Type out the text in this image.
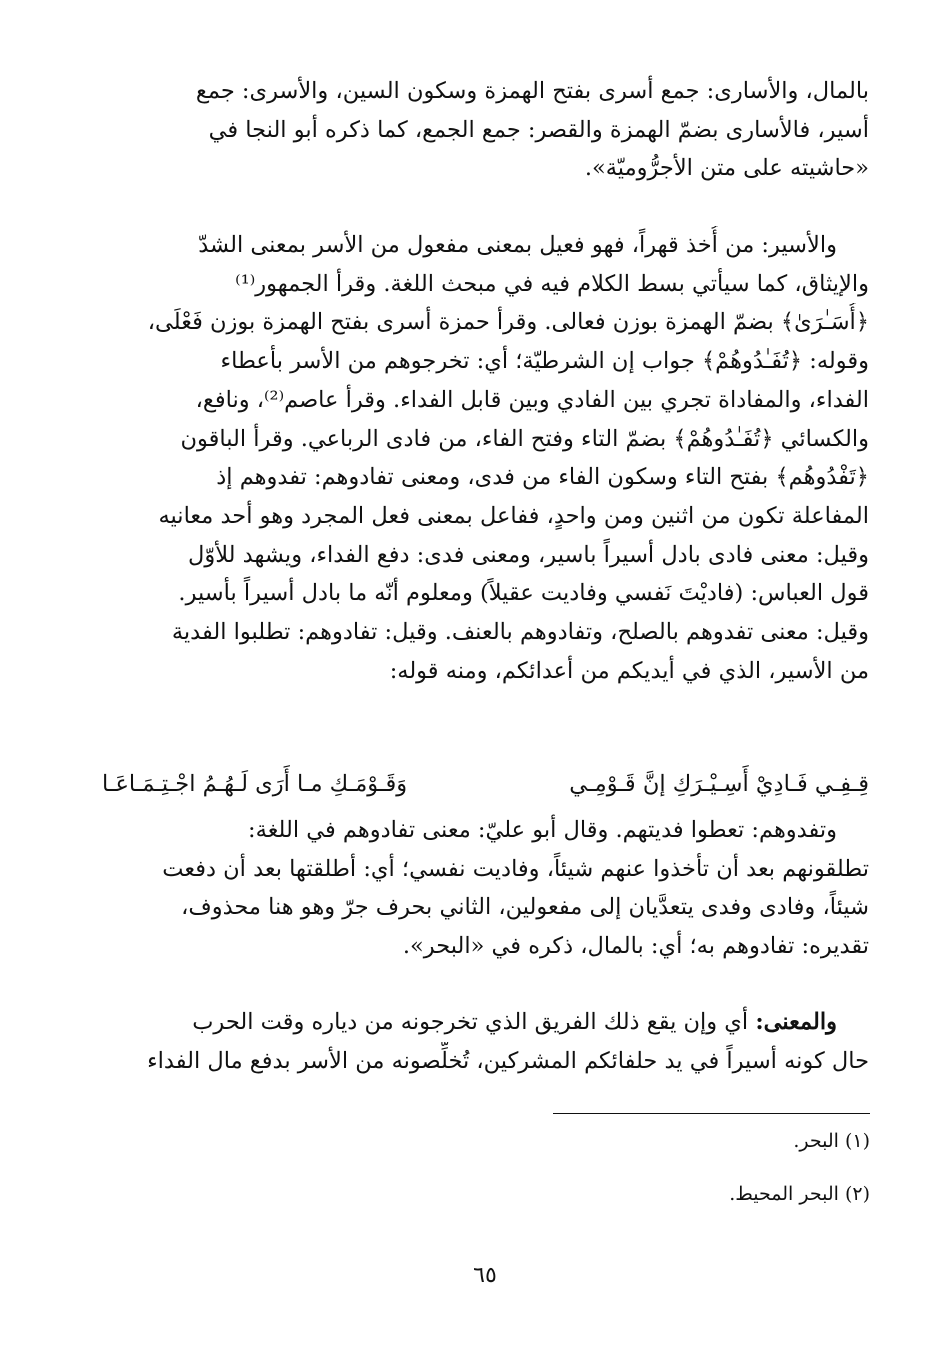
بالمال، والأسارى: جمع أسرى بفتح الهمزة وسكون السين، والأسرى: جمع
أسير، فالأسارى بضمّ الهمزة والقصر: جمع الجمع، كما ذكره أبو النجا في
«حاشيته على متن الأجرُّوميّة».
والأسير: من أُخذ قهراً، فهو فعيل بمعنى مفعول من الأسر بمعنى الشدّ
والإيثاق، كما سيأتي بسط الكلام فيه في مبحث اللغة. وقرأ الجمهور⁽¹⁾
﴿أُسَـٰرَىٰ﴾ بضمّ الهمزة بوزن فعالى. وقرأ حمزة أسرى بفتح الهمزة بوزن فَعْلَى،
وقوله: ﴿تُفَـٰدُوهُمْ﴾ جواب إن الشرطيّة؛ أي: تخرجوهم من الأسر بأعطاء
الفداء، والمفاداة تجري بين الفادي وبين قابل الفداء. وقرأ عاصم⁽²⁾، ونافع،
والكسائي ﴿تُفَـٰدُوهُمْ﴾ بضمّ التاء وفتح الفاء، من فادى الرباعي. وقرأ الباقون
﴿تَفْدُوهُم﴾ بفتح التاء وسكون الفاء من فدى، ومعنى تفادوهم: تفدوهم إذ
المفاعلة تكون من اثنين ومن واحدٍ، ففاعل بمعنى فعل المجرد وهو أحد معانيه
وقيل: معنى فادى بادل أسيراً باسير، ومعنى فدى: دفع الفداء، ويشهد للأوّل
قول العباس: (فاديْتَ نَفسي وفاديت عقيلاً) ومعلوم أنّه ما بادل أسيراً بأسير.
وقيل: معنى تفدوهم بالصلح، وتفادوهم بالعنف. وقيل: تفادوهم: تطلبوا الفدية
من الأسير، الذي في أيديكم من أعدائكم، ومنه قوله:
قِـفِـي فَـادِيْ أَسِـيْـرَكِ إنَّ قَـوْمِـي
وَقَـوْمَـكِ مـا أَرَى لَـهُـمُ اجْـتِـمَـاعَـا
وتفدوهم: تعطوا فديتهم. وقال أبو عليّ: معنى تفادوهم في اللغة:
تطلقونهم بعد أن تأخذوا عنهم شيئاً، وفاديت نفسي؛ أي: أطلقتها بعد أن دفعت
شيئاً، وفادى وفدى يتعدَّيان إلى مفعولين، الثاني بحرف جرّ وهو هنا محذوف،
تقديره: تفادوهم به؛ أي: بالمال، ذكره في «البحر».
والمعنى: أي وإن يقع ذلك الفريق الذي تخرجونه من دياره وقت الحرب
حال كونه أسيراً في يد حلفائكم المشركين، تُخلِّصونه من الأسر بدفع مال الفداء
(١) البحر.
(٢) البحر المحيط.
٦٥
